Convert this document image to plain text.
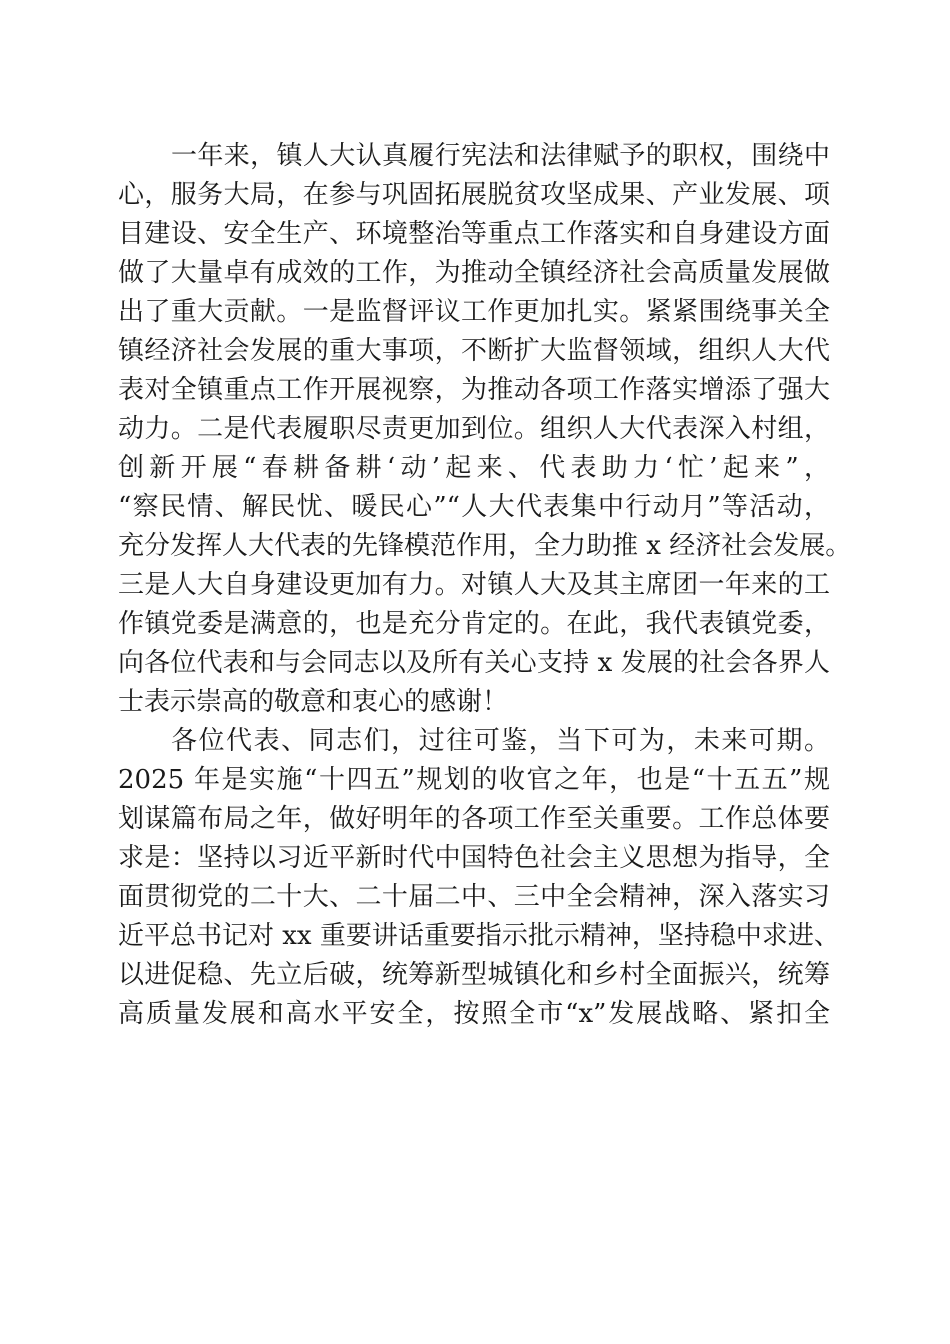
一年来，镇人大认真履行宪法和法律赋予的职权，围绕中
心，服务大局，在参与巩固拓展脱贫攻坚成果、产业发展、项
目建设、安全生产、环境整治等重点工作落实和自身建设方面
做了大量卓有成效的工作，为推动全镇经济社会高质量发展做
出了重大贡献。一是监督评议工作更加扎实。紧紧围绕事关全
镇经济社会发展的重大事项，不断扩大监督领域，组织人大代
表对全镇重点工作开展视察，为推动各项工作落实增添了强大
动力。二是代表履职尽责更加到位。组织人大代表深入村组，
创新开展“春耕备耕‘动’起来、代表助力‘忙’起来”，
“察民情、解民忧、暖民心”“人大代表集中行动月”等活动，
充分发挥人大代表的先锋模范作用，全力助推 x 经济社会发展。
三是人大自身建设更加有力。对镇人大及其主席团一年来的工
作镇党委是满意的，也是充分肯定的。在此，我代表镇党委，
向各位代表和与会同志以及所有关心支持 x 发展的社会各界人
士表示崇高的敬意和衷心的感谢！
各位代表、同志们，过往可鉴，当下可为，未来可期。
2025 年是实施“十四五”规划的收官之年，也是“十五五”规
划谋篇布局之年，做好明年的各项工作至关重要。工作总体要
求是：坚持以习近平新时代中国特色社会主义思想为指导，全
面贯彻党的二十大、二十届二中、三中全会精神，深入落实习
近平总书记对 xx 重要讲话重要指示批示精神，坚持稳中求进、
以进促稳、先立后破，统筹新型城镇化和乡村全面振兴，统筹
高质量发展和高水平安全，按照全市“x”发展战略、紧扣全
